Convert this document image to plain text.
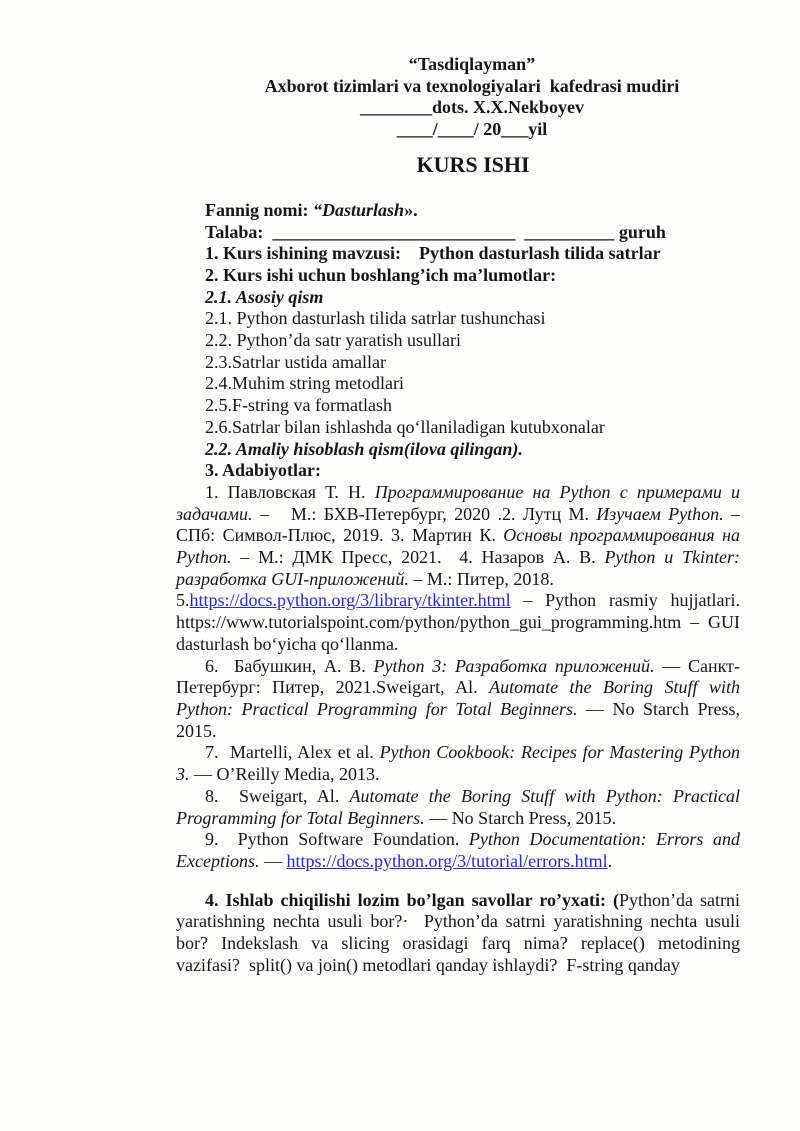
“Tasdiqlayman”

Axborot tizimlari va texnologiyalari  kafedrasi mudiri

________dots. X.X.Nekboyev

____/____/ 20___yil

KURS ISHI

Fannig nomi: “Dasturlash».

Talaba:  ___________________________  __________ guruh

1. Kurs ishining mavzusi:    Python dasturlash tilida satrlar

2. Kurs ishi uchun boshlang’ich ma’lumotlar:

2.1. Asosiy qism

2.1. Python dasturlash tilida satrlar tushunchasi

2.2. Python’da satr yaratish usullari

2.3.Satrlar ustida amallar

2.4.Muhim string metodlari

2.5.F-string va formatlash

2.6.Satrlar bilan ishlashda qoʻllaniladigan kutubxonalar

2.2. Amaliy hisoblash qism(ilova qilingan).

3. Adabiyotlar:

1. Павловская Т. Н. Программирование на Python с примерами и задачами. –   М.: БХВ-Петербург, 2020 .2. Лутц М. Изучаем Python. – СПб: Символ-Плюс, 2019. 3. Мартин К. Основы программирования на Python. – М.: ДМК Пресс, 2021.  4. Назаров А. В. Python и Tkinter: разработка GUI-приложений. – М.: Питер, 2018.

5.https://docs.python.org/3/library/tkinter.html – Python rasmiy hujjatlari. https://www.tutorialspoint.com/python/python_gui_programming.htm – GUI dasturlash boʻyicha qoʻllanma.

6.  Бабушкин, А. В. Python 3: Разработка приложений. — Санкт-Петербург: Питер, 2021.Sweigart, Al. Automate the Boring Stuff with Python: Practical Programming for Total Beginners. — No Starch Press, 2015.

7.  Martelli, Alex et al. Python Cookbook: Recipes for Mastering Python 3. — O’Reilly Media, 2013.

8.  Sweigart, Al. Automate the Boring Stuff with Python: Practical Programming for Total Beginners. — No Starch Press, 2015.

9.  Python Software Foundation. Python Documentation: Errors and Exceptions. — https://docs.python.org/3/tutorial/errors.html.

4. Ishlab chiqilishi lozim bo’lgan savollar ro’yxati: (Python’da satrni yaratishning nechta usuli bor?·  Python’da satrni yaratishning nechta usuli bor? Indekslash va slicing orasidagi farq nima? replace() metodining vazifasi?  split() va join() metodlari qanday ishlaydi?  F-string qanday
